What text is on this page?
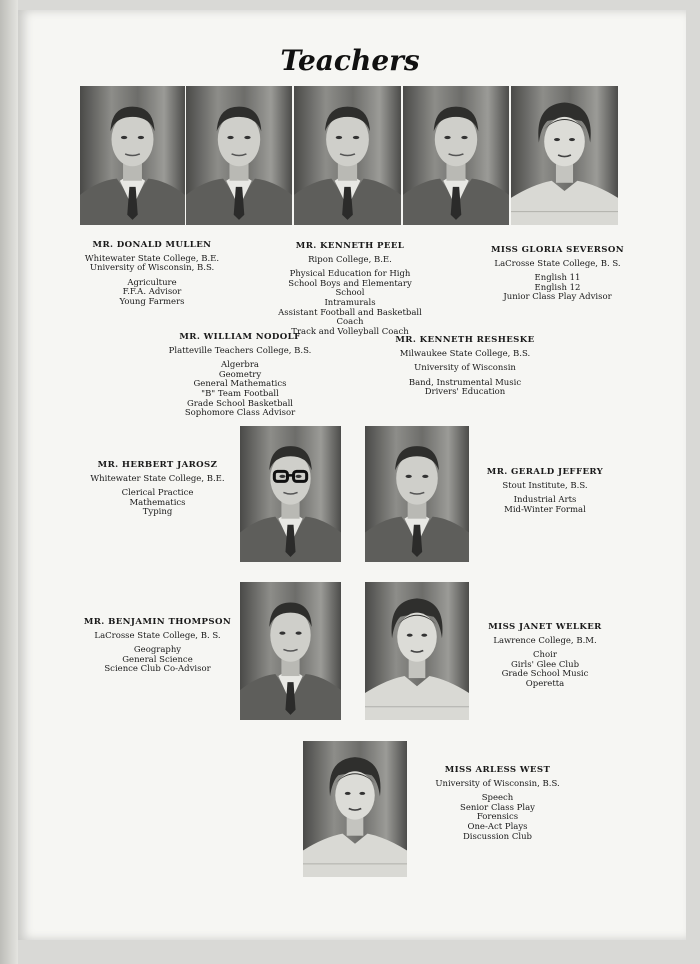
Teachers
MR. DONALD MULLEN
Whitewater State College, B.E.
University of Wisconsin, B.S.
Agriculture
F.F.A. Advisor
Young Farmers
MR. KENNETH PEEL
Ripon College, B.E.
Physical Education for High
School Boys and Elementary
School
Intramurals
Assistant Football and Basketball
Coach
Track and Volleyball Coach
MISS GLORIA SEVERSON
LaCrosse State College, B. S.
English 11
English 12
Junior Class Play Advisor
MR. WILLIAM NODOLF
Platteville Teachers College, B.S.
Algerbra
Geometry
General Mathematics
"B" Team Football
Grade School Basketball
Sophomore Class Advisor
MR. KENNETH RESHESKE
Milwaukee State College, B.S.
University of Wisconsin
Band, Instrumental Music
Drivers' Education
MR. HERBERT JAROSZ
Whitewater State College, B.E.
Clerical Practice
Mathematics
Typing
MR. GERALD JEFFERY
Stout Institute, B.S.
Industrial Arts
Mid-Winter Formal
MR. BENJAMIN THOMPSON
LaCrosse State College, B. S.
Geography
General Science
Science Club Co-Advisor
MISS JANET WELKER
Lawrence College, B.M.
Choir
Girls' Glee Club
Grade School Music
Operetta
MISS ARLESS WEST
University of Wisconsin, B.S.
Speech
Senior Class Play
Forensics
One-Act Plays
Discussion Club
